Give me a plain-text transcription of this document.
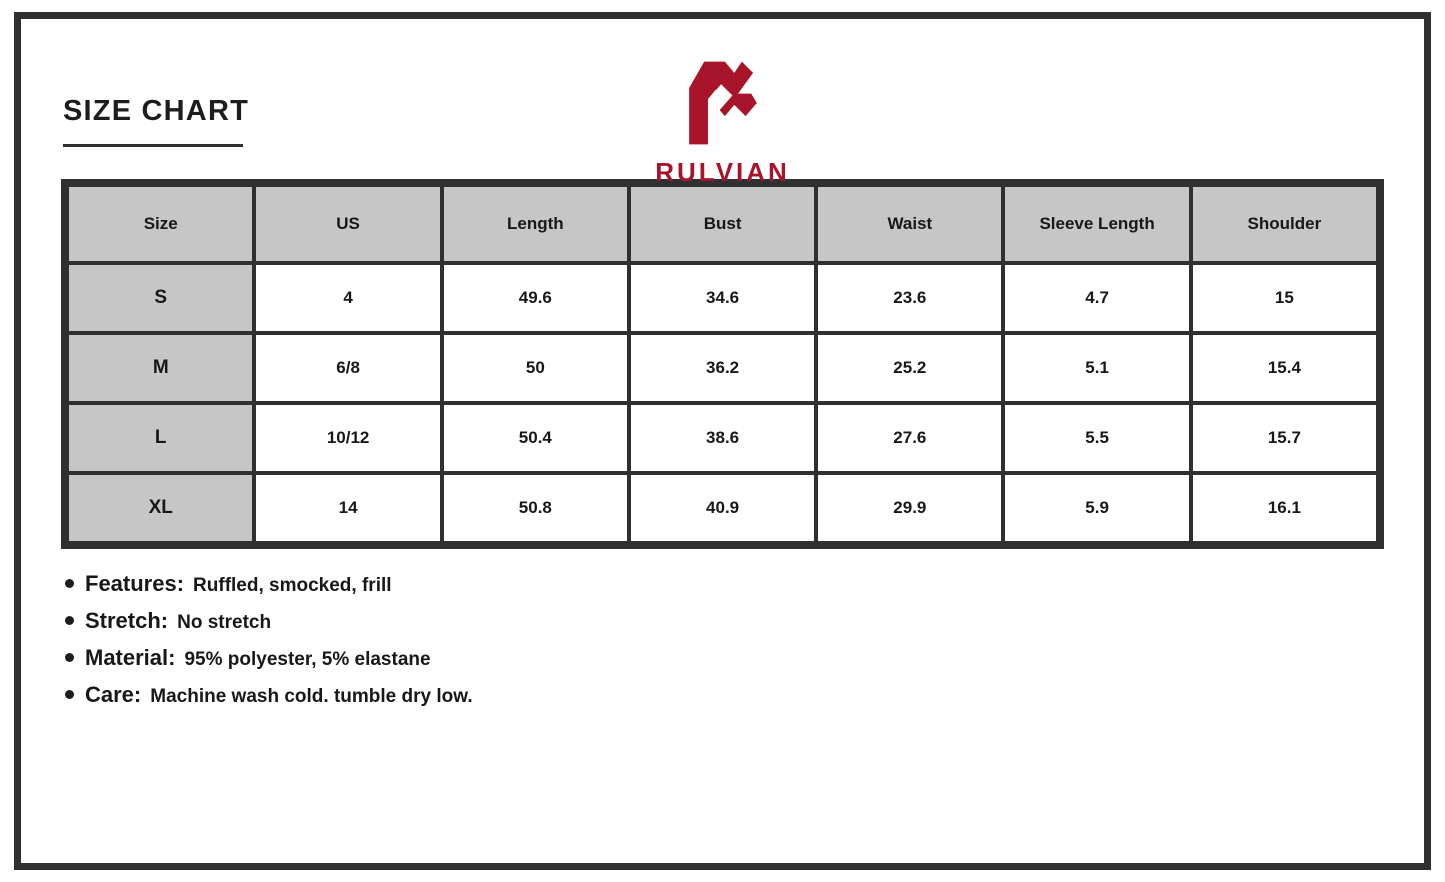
SIZE CHART
RULVIAN
Size	US	Length	Bust	Waist	Sleeve Length	Shoulder
S	4	49.6	34.6	23.6	4.7	15
M	6/8	50	36.2	25.2	5.1	15.4
L	10/12	50.4	38.6	27.6	5.5	15.7
XL	14	50.8	40.9	29.9	5.9	16.1
Features: Ruffled, smocked, frill
Stretch: No stretch
Material: 95% polyester, 5% elastane
Care: Machine wash cold. tumble dry low.
